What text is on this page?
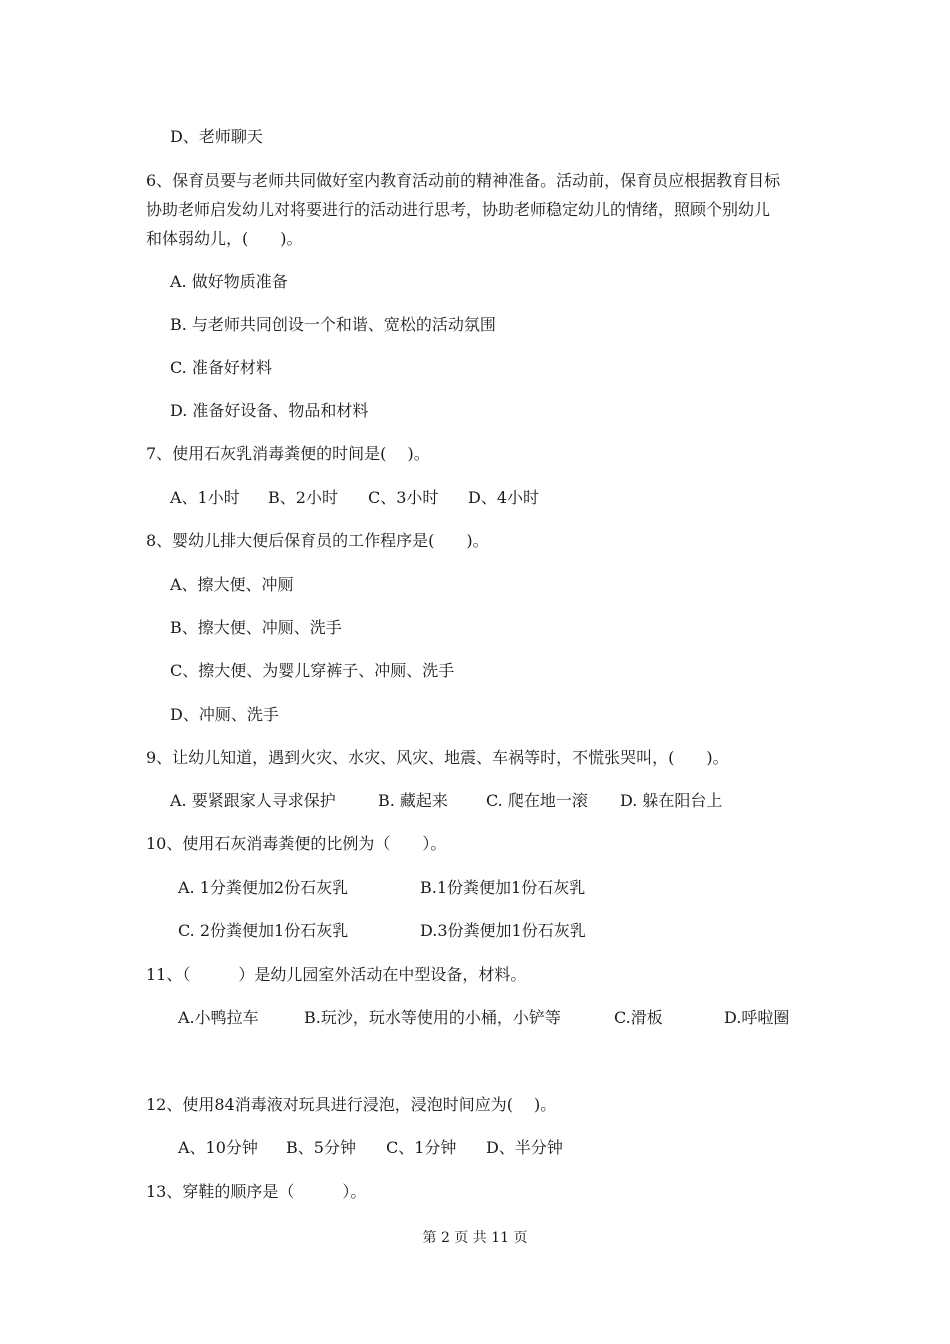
D、老师聊天
6、保育员要与老师共同做好室内教育活动前的精神准备。活动前，保育员应根据教育目标
协助老师启发幼儿对将要进行的活动进行思考，协助老师稳定幼儿的情绪，照顾个别幼儿
和体弱幼儿，(　　)。
A. 做好物质准备
B. 与老师共同创设一个和谐、宽松的活动氛围
C. 准备好材料
D. 准备好设备、物品和材料
7、使用石灰乳消毒粪便的时间是(　 )。
A、1小时 B、2小时 C、3小时 D、4小时
8、婴幼儿排大便后保育员的工作程序是(　　)。
A、擦大便、冲厕
B、擦大便、冲厕、洗手
C、擦大便、为婴儿穿裤子、冲厕、洗手
D、冲厕、洗手
9、让幼儿知道，遇到火灾、水灾、风灾、地震、车祸等时，不慌张哭叫，(　　)。
A. 要紧跟家人寻求保护	B. 藏起来 C. 爬在地一滚 D. 躲在阳台上
10、使用石灰消毒粪便的比例为（　　）。
A. 1分粪便加2份石灰乳	B.1份粪便加1份石灰乳
C. 2份粪便加1份石灰乳	D.3份粪便加1份石灰乳
11、（　　　）是幼儿园室外活动在中型设备，材料。
A.小鸭拉车	B.玩沙，玩水等使用的小桶，小铲等	C.滑板	D.呼啦圈
12、使用84消毒液对玩具进行浸泡，浸泡时间应为(　 )。
A、10分钟 B、5分钟 C、1分钟 D、半分钟
13、穿鞋的顺序是（　　　）。
第 2 页 共 11 页
